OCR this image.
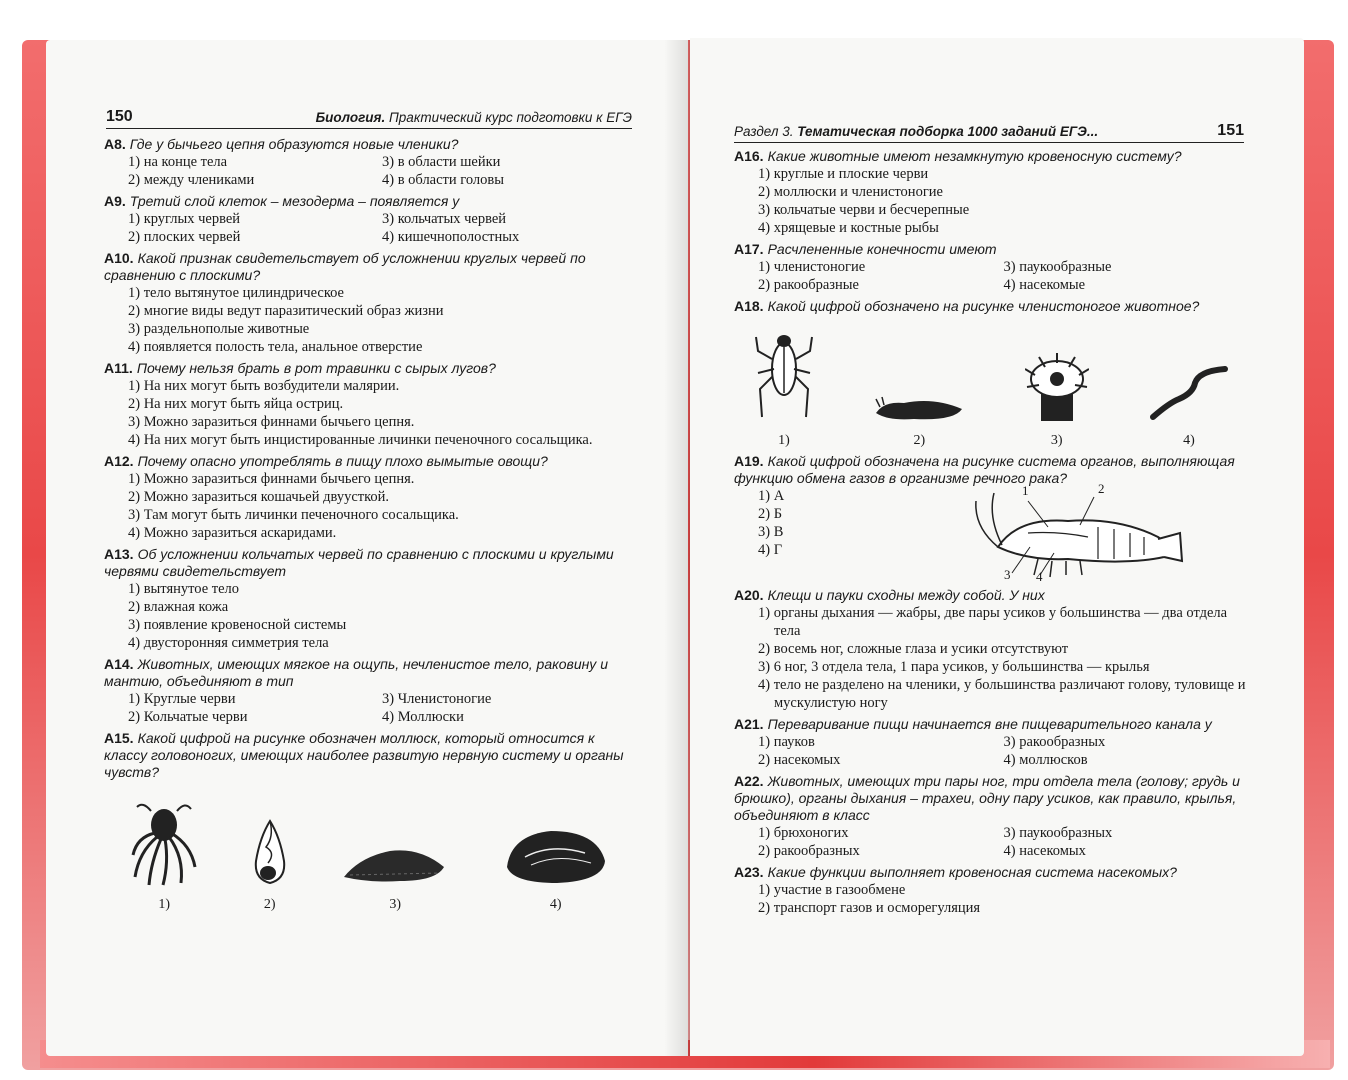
150	Биология. Практический курс подготовки к ЕГЭ
А8. Где у бычьего цепня образуются новые членики?
1) на конце тела	3) в области шейки
2) между члениками	4) в области головы
А9. Третий слой клеток – мезодерма – появляется у
1) круглых червей	3) кольчатых червей
2) плоских червей	4) кишечнополостных
А10. Какой признак свидетельствует об усложнении круглых червей по сравнению с плоскими?
1) тело вытянутое цилиндрическое
2) многие виды ведут паразитический образ жизни
3) раздельнополые животные
4) появляется полость тела, анальное отверстие
А11. Почему нельзя брать в рот травинки с сырых лугов?
1) На них могут быть возбудители малярии.
2) На них могут быть яйца остриц.
3) Можно заразиться финнами бычьего цепня.
4) На них могут быть инцистированные личинки печеночного сосальщика.
А12. Почему опасно употреблять в пищу плохо вымытые овощи?
1) Можно заразиться финнами бычьего цепня.
2) Можно заразиться кошачьей двуусткой.
3) Там могут быть личинки печеночного сосальщика.
4) Можно заразиться аскаридами.
А13. Об усложнении кольчатых червей по сравнению с плоскими и круглыми червями свидетельствует
1) вытянутое тело
2) влажная кожа
3) появление кровеносной системы
4) двусторонняя симметрия тела
А14. Животных, имеющих мягкое на ощупь, нечленистое тело, раковину и мантию, объединяют в тип
1) Круглые черви	3) Членистоногие
2) Кольчатые черви	4) Моллюски
А15. Какой цифрой на рисунке обозначен моллюск, который относится к классу головоногих, имеющих наиболее развитую нервную систему и органы чувств?
1)	2)	3)	4)
Раздел 3. Тематическая подборка 1000 заданий ЕГЭ...	151
А16. Какие животные имеют незамкнутую кровеносную систему?
1) круглые и плоские черви
2) моллюски и членистоногие
3) кольчатые черви и бесчерепные
4) хрящевые и костные рыбы
А17. Расчлененные конечности имеют
1) членистоногие	3) паукообразные
2) ракообразные	4) насекомые
А18. Какой цифрой обозначено на рисунке членистоногое животное?
1)	2)	3)	4)
А19. Какой цифрой обозначена на рисунке система органов, выполняющая функцию обмена газов в организме речного рака?
1) А
2) Б
3) В
4) Г
1	2
3 4
А20. Клещи и пауки сходны между собой. У них
1) органы дыхания — жабры, две пары усиков у большинства — два отдела тела
2) восемь ног, сложные глаза и усики отсутствуют
3) 6 ног, 3 отдела тела, 1 пара усиков, у большинства — крылья
4) тело не разделено на членики, у большинства различают голову, туловище и мускулистую ногу
А21. Переваривание пищи начинается вне пищеварительного канала у
1) пауков	3) ракообразных
2) насекомых	4) моллюсков
А22. Животных, имеющих три пары ног, три отдела тела (голову; грудь и брюшко), органы дыхания – трахеи, одну пару усиков, как правило, крылья, объединяют в класс
1) брюхоногих	3) паукообразных
2) ракообразных	4) насекомых
А23. Какие функции выполняет кровеносная система насекомых?
1) участие в газообмене
2) транспорт газов и осморегуляция
